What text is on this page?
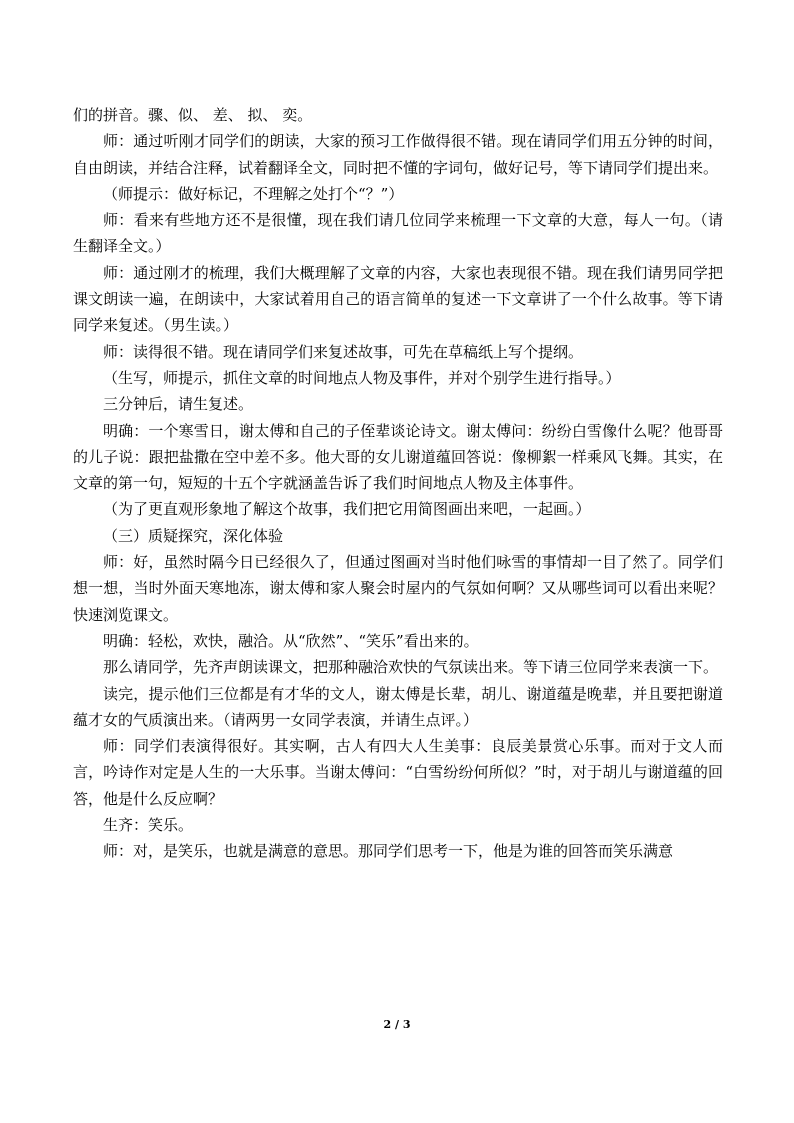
们的拼音。骤、似、 差、 拟、 奕。

师：通过听刚才同学们的朗读，大家的预习工作做得很不错。现在请同学们用五分钟的时间，自由朗读，并结合注释，试着翻译全文，同时把不懂的字词句，做好记号，等下请同学们提出来。

（师提示：做好标记，不理解之处打个“？”）

师：看来有些地方还不是很懂，现在我们请几位同学来梳理一下文章的大意，每人一句。（请生翻译全文。）

师：通过刚才的梳理，我们大概理解了文章的内容，大家也表现很不错。现在我们请男同学把课文朗读一遍，在朗读中，大家试着用自己的语言简单的复述一下文章讲了一个什么故事。等下请同学来复述。（男生读。）

师：读得很不错。现在请同学们来复述故事，可先在草稿纸上写个提纲。

（生写，师提示，抓住文章的时间地点人物及事件，并对个别学生进行指导。）

三分钟后，请生复述。

明确：一个寒雪日，谢太傅和自己的子侄辈谈论诗文。谢太傅问：纷纷白雪像什么呢？他哥哥的儿子说：跟把盐撒在空中差不多。他大哥的女儿谢道蕴回答说：像柳絮一样乘风飞舞。其实，在文章的第一句，短短的十五个字就涵盖告诉了我们时间地点人物及主体事件。

（为了更直观形象地了解这个故事，我们把它用简图画出来吧，一起画。）

（三）质疑探究，深化体验

师：好，虽然时隔今日已经很久了，但通过图画对当时他们咏雪的事情却一目了然了。同学们想一想，当时外面天寒地冻，谢太傅和家人聚会时屋内的气氛如何啊？又从哪些词可以看出来呢？快速浏览课文。

明确：轻松，欢快，融洽。从“欣然”、“笑乐”看出来的。

那么请同学，先齐声朗读课文，把那种融洽欢快的气氛读出来。等下请三位同学来表演一下。

读完，提示他们三位都是有才华的文人，谢太傅是长辈，胡儿、谢道蕴是晚辈，并且要把谢道蕴才女的气质演出来。（请两男一女同学表演，并请生点评。）

师：同学们表演得很好。其实啊，古人有四大人生美事：良辰美景赏心乐事。而对于文人而言，吟诗作对定是人生的一大乐事。当谢太傅问：“白雪纷纷何所似？”时，对于胡儿与谢道蕴的回答，他是什么反应啊？

生齐：笑乐。

师：对，是笑乐，也就是满意的意思。那同学们思考一下，他是为谁的回答而笑乐满意

2 / 3
